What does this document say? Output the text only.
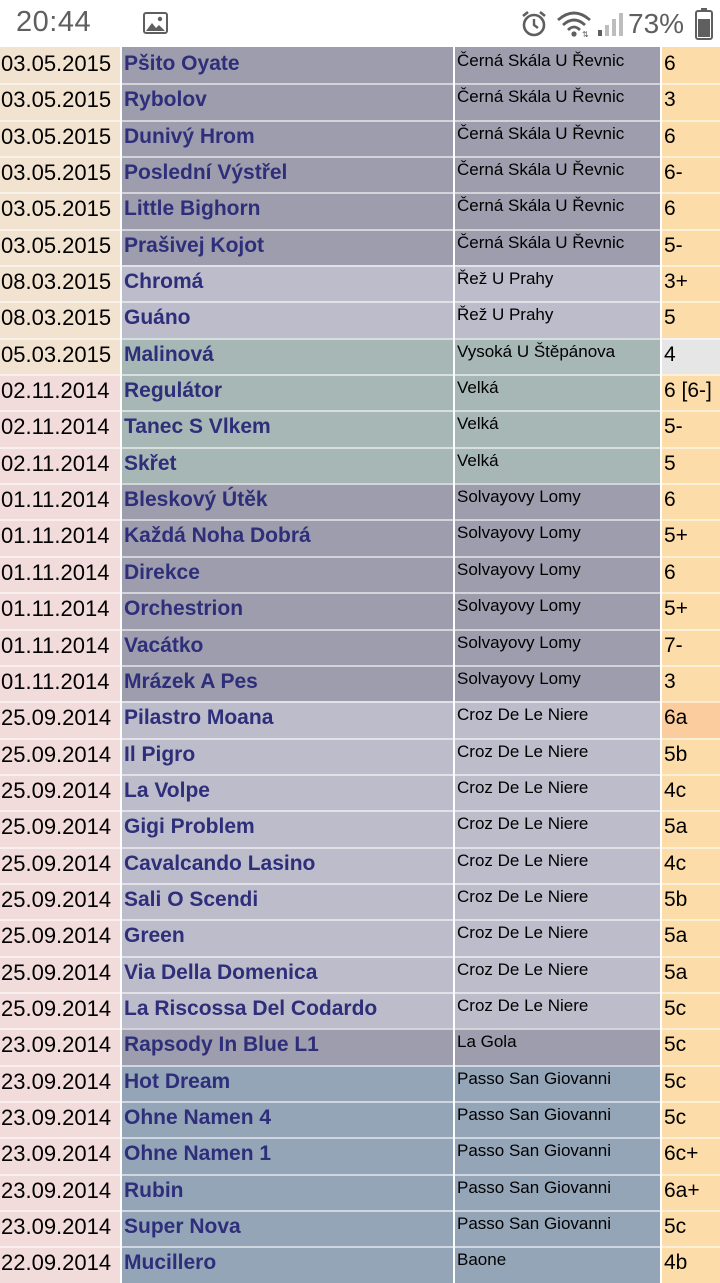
20:44	⇅ 73%
03.05.2015 Pšito Oyate	Černá Skála U Řevnic	6
03.05.2015 Rybolov	Černá Skála U Řevnic	3
03.05.2015 Dunivý Hrom	Černá Skála U Řevnic	6
03.05.2015 Poslední Výstřel	Černá Skála U Řevnic	6-
03.05.2015 Little Bighorn	Černá Skála U Řevnic	6
03.05.2015 Prašivej Kojot	Černá Skála U Řevnic	5-
08.03.2015 Chromá	Řež U Prahy	3+
08.03.2015 Guáno	Řež U Prahy	5
05.03.2015 Malinová	Vysoká U Štěpánova	4
02.11.2014 Regulátor	Velká	6 [6-]
02.11.2014 Tanec S Vlkem	Velká	5-
02.11.2014 Skřet	Velká	5
01.11.2014 Bleskový Útěk	Solvayovy Lomy	6
01.11.2014 Každá Noha Dobrá	Solvayovy Lomy	5+
01.11.2014 Direkce	Solvayovy Lomy	6
01.11.2014 Orchestrion	Solvayovy Lomy	5+
01.11.2014 Vacátko	Solvayovy Lomy	7-
01.11.2014 Mrázek A Pes	Solvayovy Lomy	3
25.09.2014 Pilastro Moana	Croz De Le Niere	6a
25.09.2014 Il Pigro	Croz De Le Niere	5b
25.09.2014 La Volpe	Croz De Le Niere	4c
25.09.2014 Gigi Problem	Croz De Le Niere	5a
25.09.2014 Cavalcando Lasino	Croz De Le Niere	4c
25.09.2014 Sali O Scendi	Croz De Le Niere	5b
25.09.2014 Green	Croz De Le Niere	5a
25.09.2014 Via Della Domenica	Croz De Le Niere	5a
25.09.2014 La Riscossa Del Codardo	Croz De Le Niere	5c
23.09.2014 Rapsody In Blue L1	La Gola	5c
23.09.2014 Hot Dream	Passo San Giovanni	5c
23.09.2014 Ohne Namen 4	Passo San Giovanni	5c
23.09.2014 Ohne Namen 1	Passo San Giovanni	6c+
23.09.2014 Rubin	Passo San Giovanni	6a+
23.09.2014 Super Nova	Passo San Giovanni	5c
22.09.2014 Mucillero	Baone	4b
